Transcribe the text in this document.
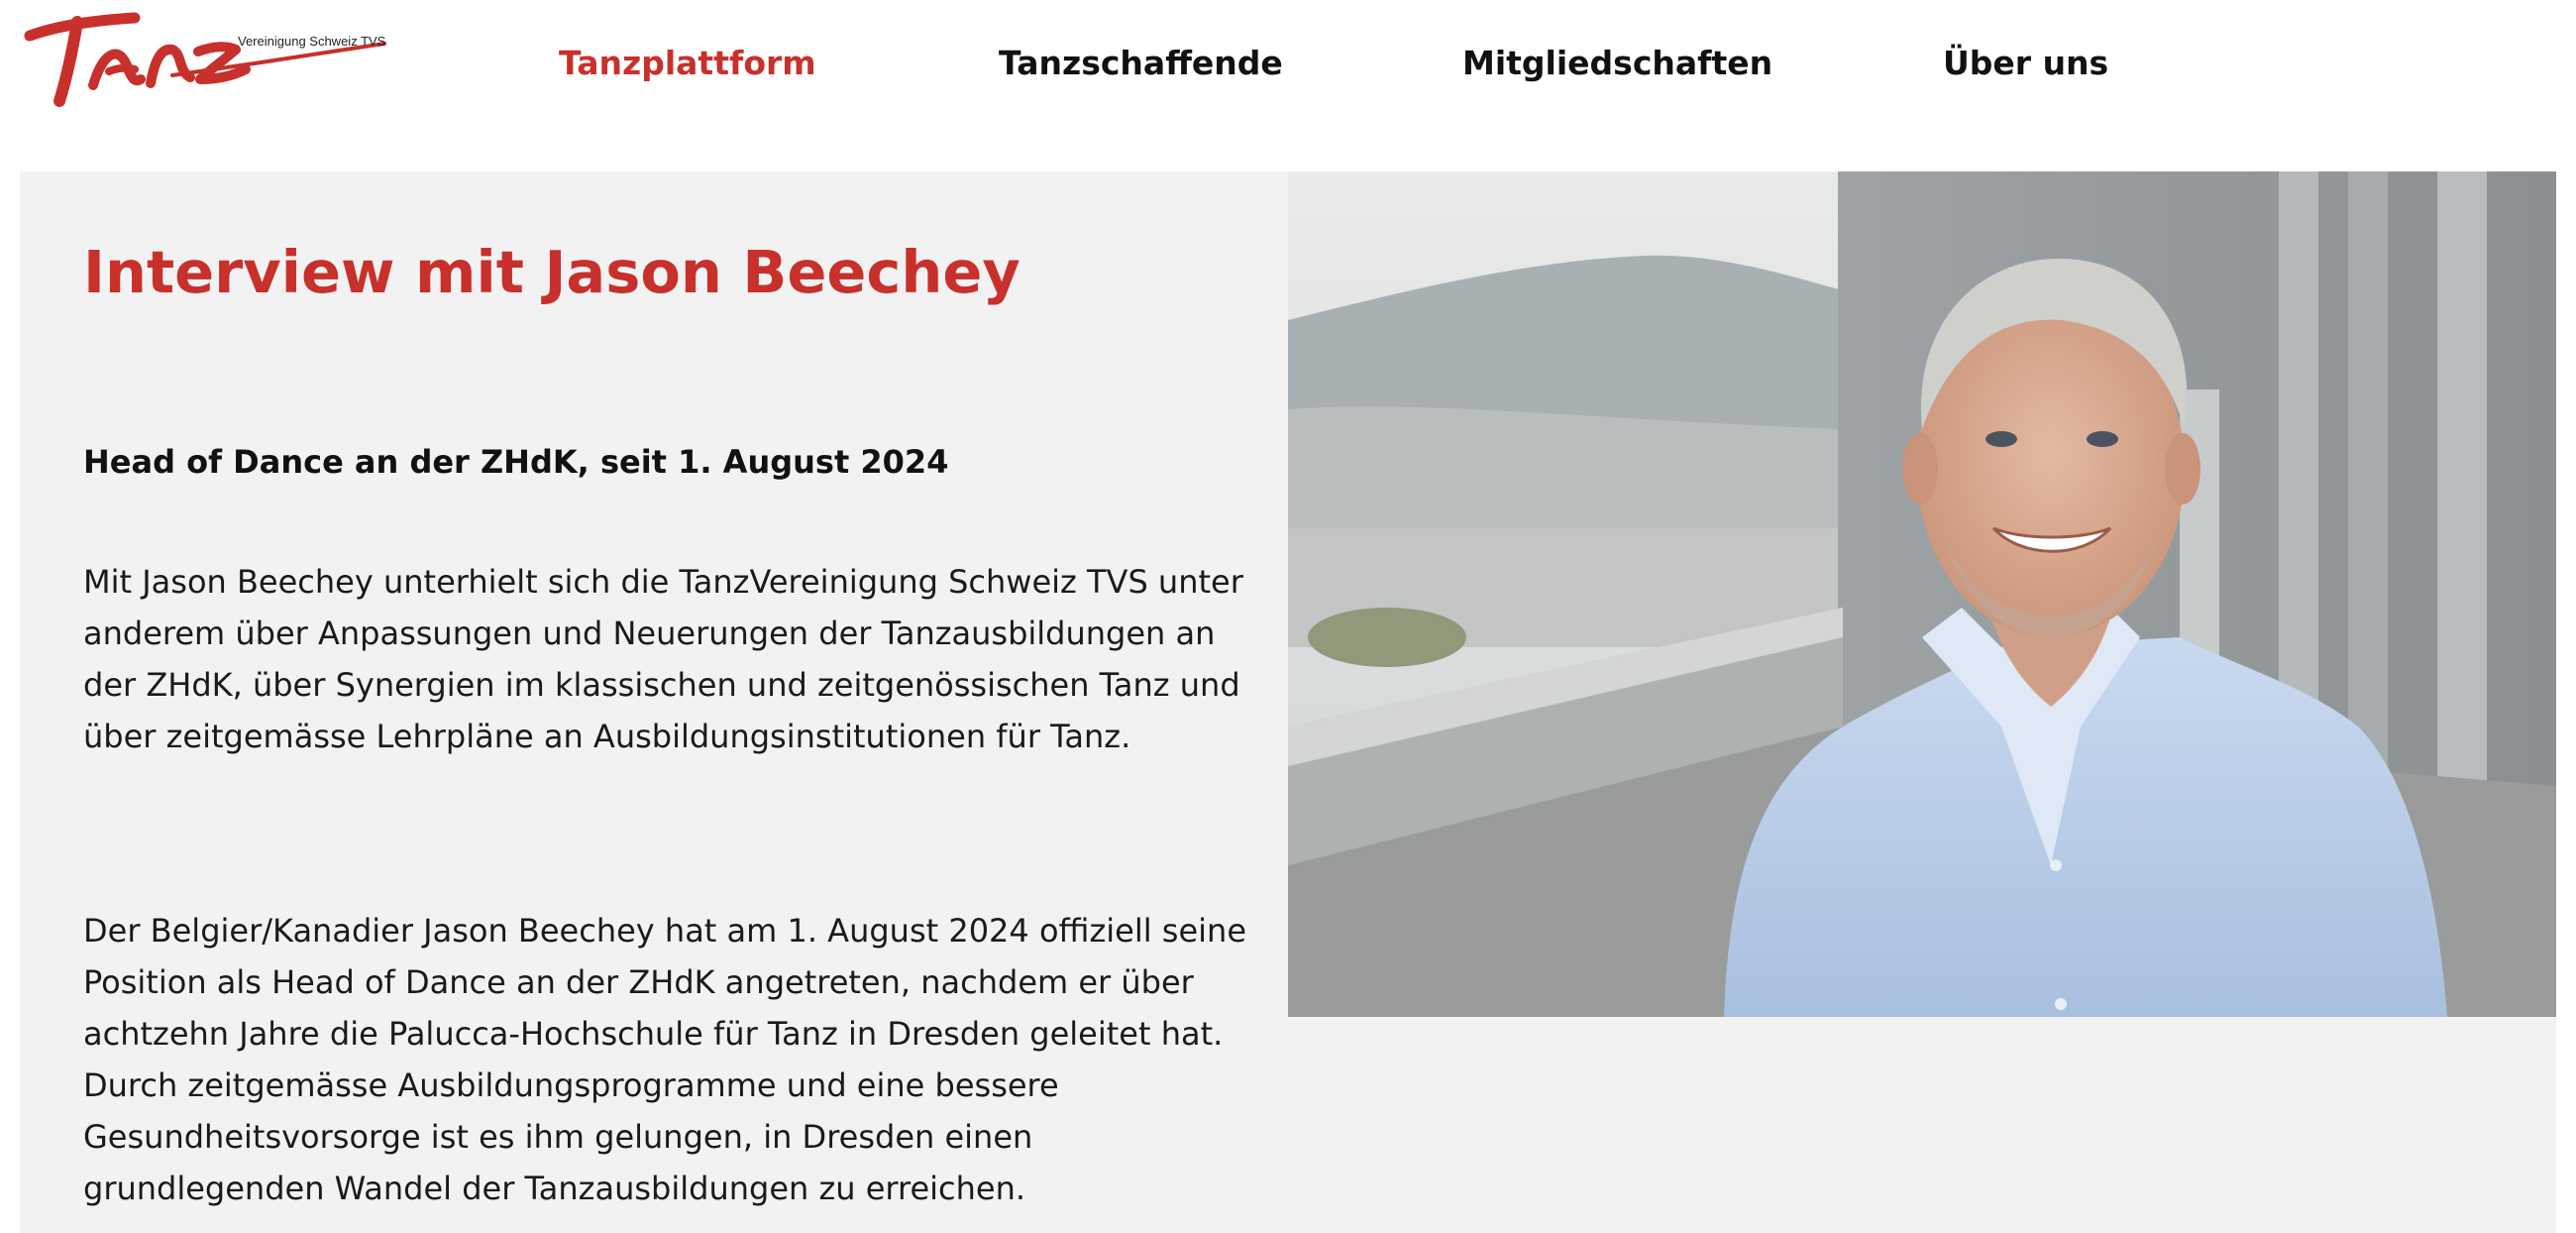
Vereinigung Schweiz TVS
Tanzplattform	Tanzschaffende	Mitgliedschaften	Über uns
Interview mit Jason Beechey
Head of Dance an der ZHdK, seit 1. August 2024

Mit Jason Beechey unterhielt sich die TanzVereinigung Schweiz TVS unter anderem über Anpassungen und Neuerungen der Tanzausbildungen an der ZHdK, über Synergien im klassischen und zeitgenössischen Tanz und über zeitgemässe Lehrpläne an Ausbildungsinstitutionen für Tanz.

Der Belgier/Kanadier Jason Beechey hat am 1. August 2024 offiziell seine Position als Head of Dance an der ZHdK angetreten, nachdem er über achtzehn Jahre die Palucca-Hochschule für Tanz in Dresden geleitet hat. Durch zeitgemässe Ausbildungsprogramme und eine bessere Gesundheitsvorsorge ist es ihm gelungen, in Dresden einen grundlegenden Wandel der Tanzausbildungen zu erreichen.
